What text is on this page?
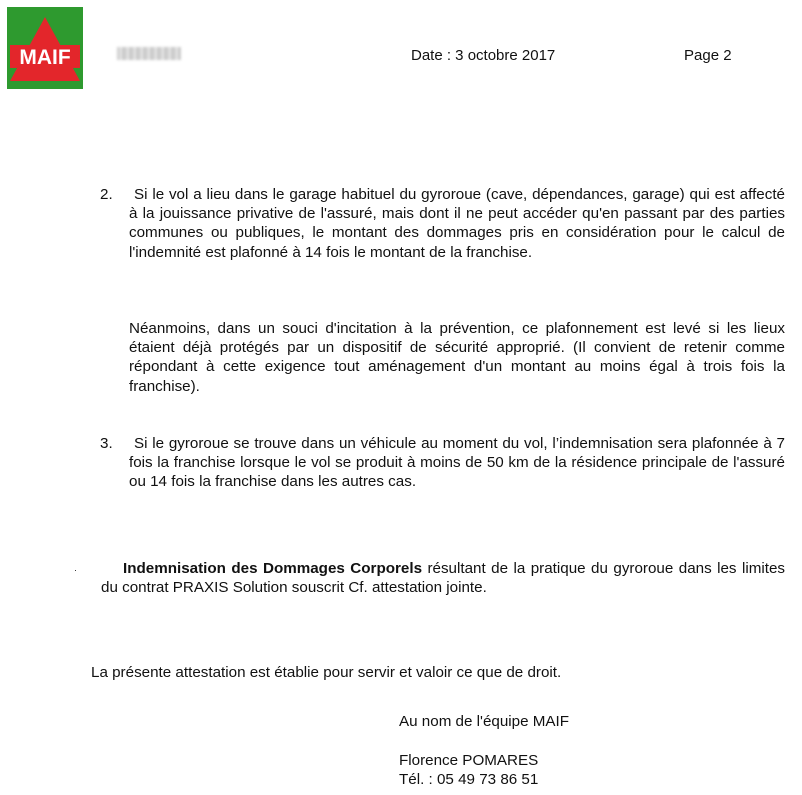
MAIF	Date : 3 octobre 2017	Page 2
2.	Si le vol a lieu dans le garage habituel du gyroroue (cave, dépendances, garage) qui est affecté à la jouissance privative de l'assuré, mais dont il ne peut accéder qu'en passant par des parties communes ou publiques, le montant des dommages pris en considération pour le calcul de l'indemnité est plafonné à 14 fois le montant de la franchise.

Néanmoins, dans un souci d'incitation à la prévention, ce plafonnement est levé si les lieux étaient déjà protégés par un dispositif de sécurité approprié. (Il convient de retenir comme répondant à cette exigence tout aménagement d'un montant au moins égal à trois fois la franchise).

3.	Si le gyroroue se trouve dans un véhicule au moment du vol, l’indemnisation sera plafonnée à 7 fois la franchise lorsque le vol se produit à moins de 50 km de la résidence principale de l'assuré ou 14 fois la franchise dans les autres cas.

·	Indemnisation des Dommages Corporels résultant de la pratique du gyroroue dans les limites du contrat PRAXIS Solution souscrit Cf. attestation jointe.

La présente attestation est établie pour servir et valoir ce que de droit.
Au nom de l'équipe MAIF
Florence POMARES
Tél. : 05 49 73 86 51
